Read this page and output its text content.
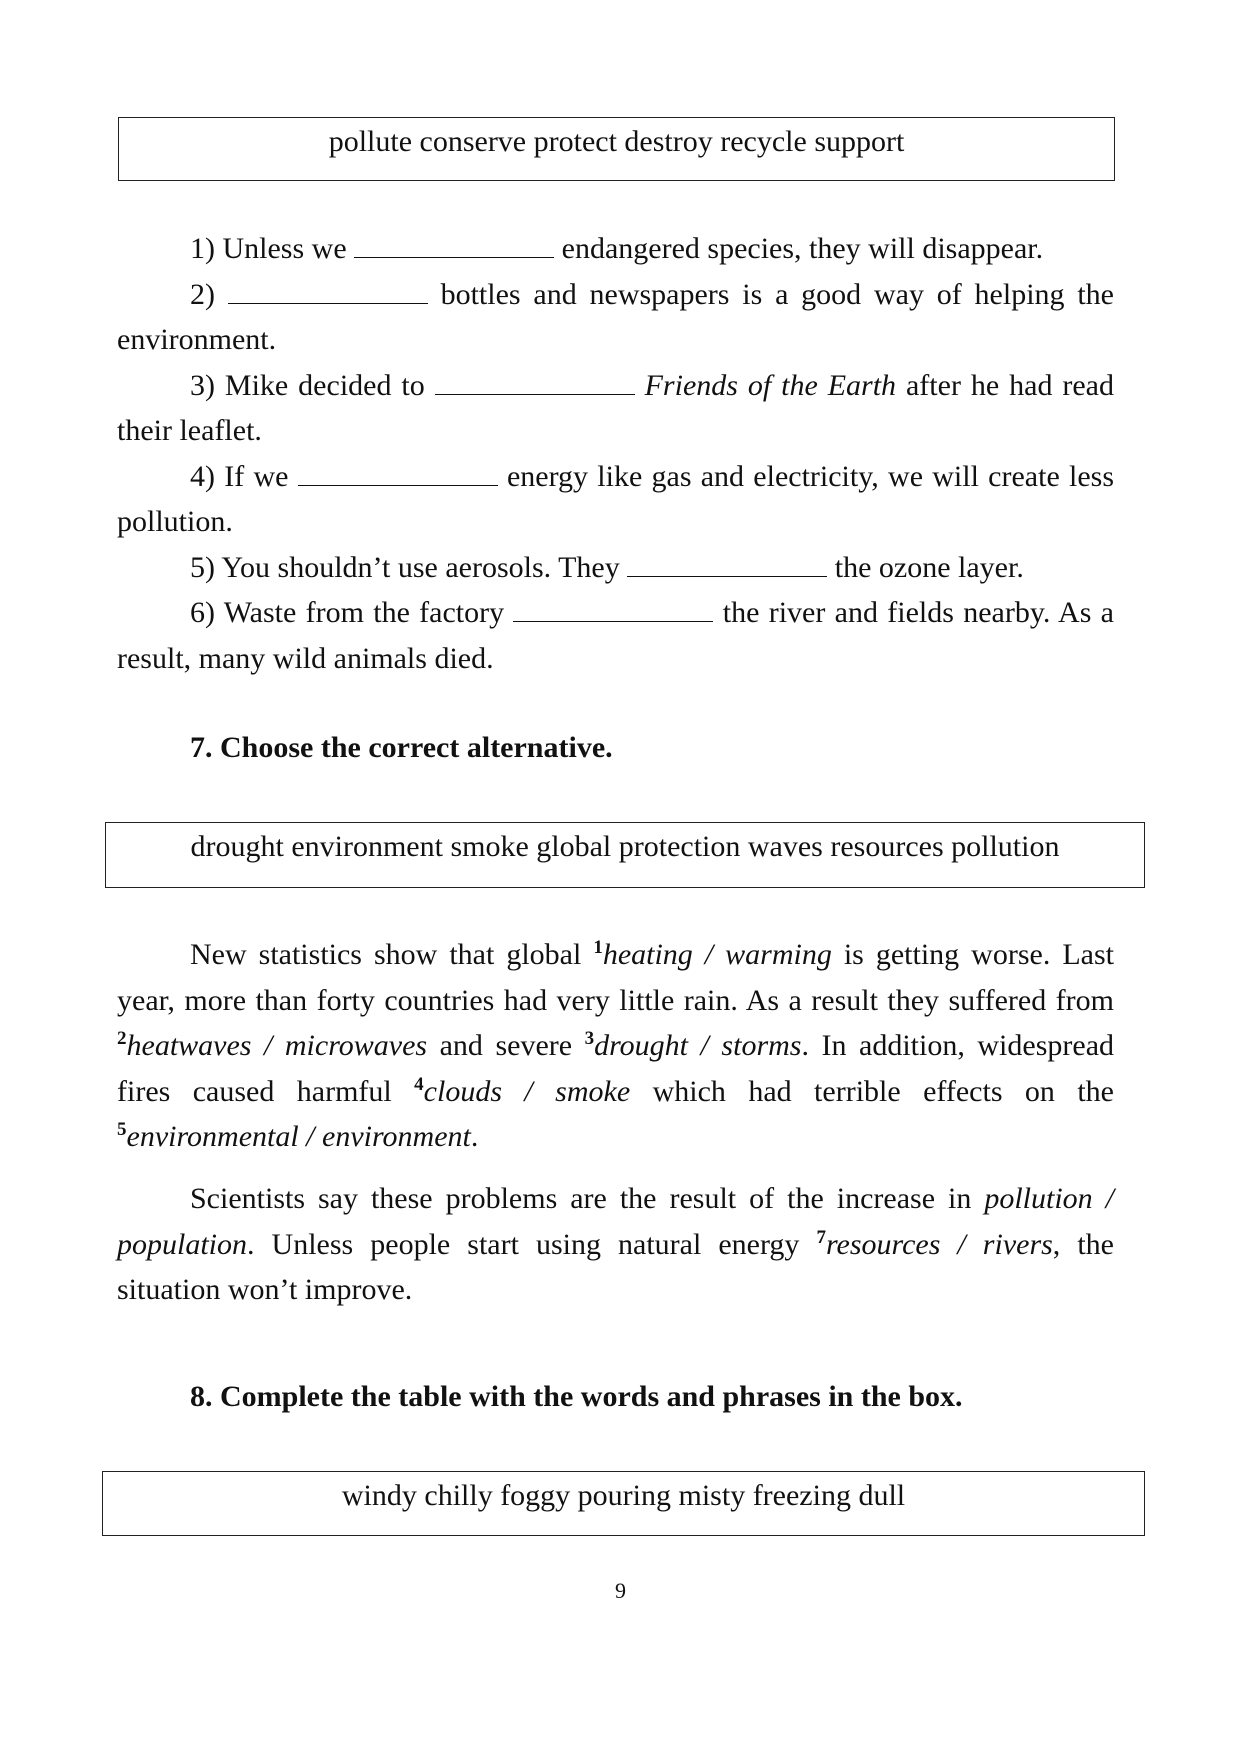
pollute conserve protect destroy recycle support

1) Unless we	endangered species, they will disappear.

2)	bottles and newspapers is a good way of helping the environment.

3) Mike decided to	Friends of the Earth after he had read their leaflet.

4) If we	energy like gas and electricity, we will create less pollution.

5) You shouldn’t use aerosols. They	the ozone layer.

6) Waste from the factory	the river and fields nearby. As a result, many wild animals died.

7. Choose the correct alternative.
drought environment smoke global protection waves resources pollution

New statistics show that global $^1$heating / warming is getting worse. Last year, more than forty countries had very little rain. As a result they suffered from $^2$heatwaves / microwaves and severe $^3$drought / storms. In addition, widespread fires caused harmful $^4$clouds / smoke which had terrible effects on the $^5$environmental / environment.

Scientists say these problems are the result of the increase in pollution / population. Unless people start using natural energy $^7$resources / rivers, the situation won’t improve.

8. Complete the table with the words and phrases in the box.
windy chilly foggy pouring misty freezing dull
9
